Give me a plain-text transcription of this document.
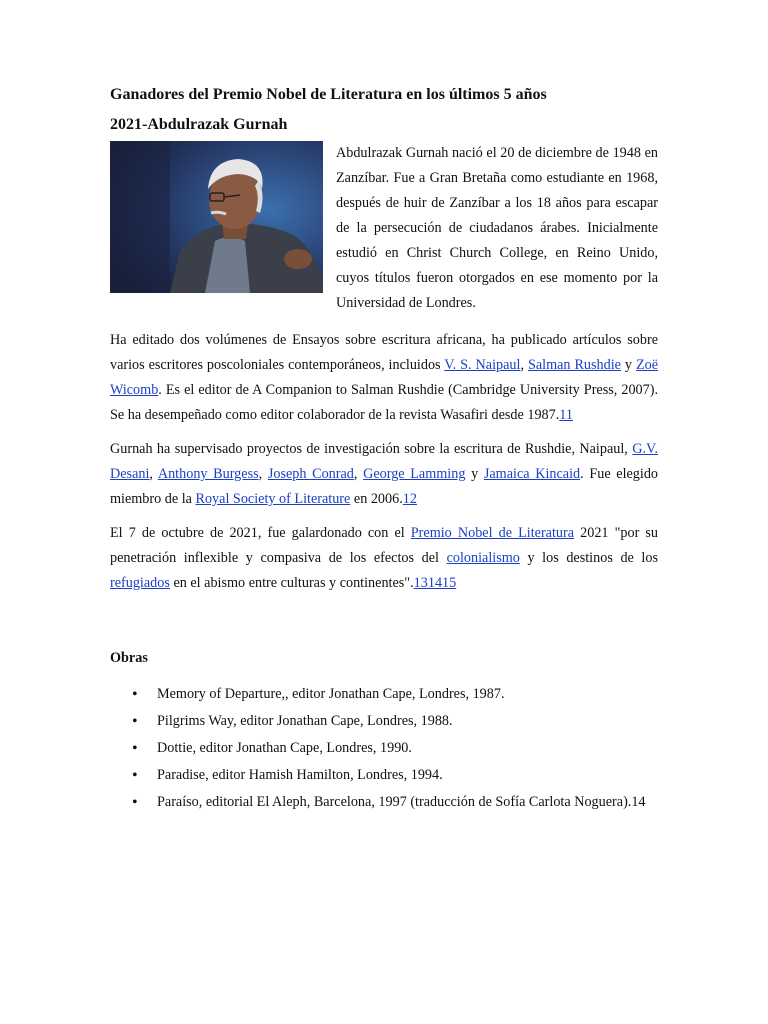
Ganadores del Premio Nobel de Literatura en los últimos 5 años
2021-Abdulrazak Gurnah

Abdulrazak Gurnah nació el 20 de diciembre de 1948 en Zanzíbar. Fue a Gran Bretaña como estudiante en 1968, después de huir de Zanzíbar a los 18 años para escapar de la persecución de ciudadanos árabes. Inicialmente estudió en Christ Church College, en Reino Unido, cuyos títulos fueron otorgados en ese momento por la Universidad de Londres.

Ha editado dos volúmenes de Ensayos sobre escritura africana, ha publicado artículos sobre varios escritores poscoloniales contemporáneos, incluidos V. S. Naipaul, Salman Rushdie y Zoë Wicomb. Es el editor de A Companion to Salman Rushdie (Cambridge University Press, 2007). Se ha desempeñado como editor colaborador de la revista Wasafiri desde 1987.11

Gurnah ha supervisado proyectos de investigación sobre la escritura de Rushdie, Naipaul, G.V. Desani, Anthony Burgess, Joseph Conrad, George Lamming y Jamaica Kincaid. Fue elegido miembro de la Royal Society of Literature en 2006.12

El 7 de octubre de 2021, fue galardonado con el Premio Nobel de Literatura 2021 "por su penetración inflexible y compasiva de los efectos del colonialismo y los destinos de los refugiados en el abismo entre culturas y continentes".131415

Obras
• Memory of Departure,, editor Jonathan Cape, Londres, 1987.
• Pilgrims Way, editor Jonathan Cape, Londres, 1988.
• Dottie, editor Jonathan Cape, Londres, 1990.
• Paradise, editor Hamish Hamilton, Londres, 1994.
• Paraíso, editorial El Aleph, Barcelona, 1997 (traducción de Sofía Carlota Noguera).14
